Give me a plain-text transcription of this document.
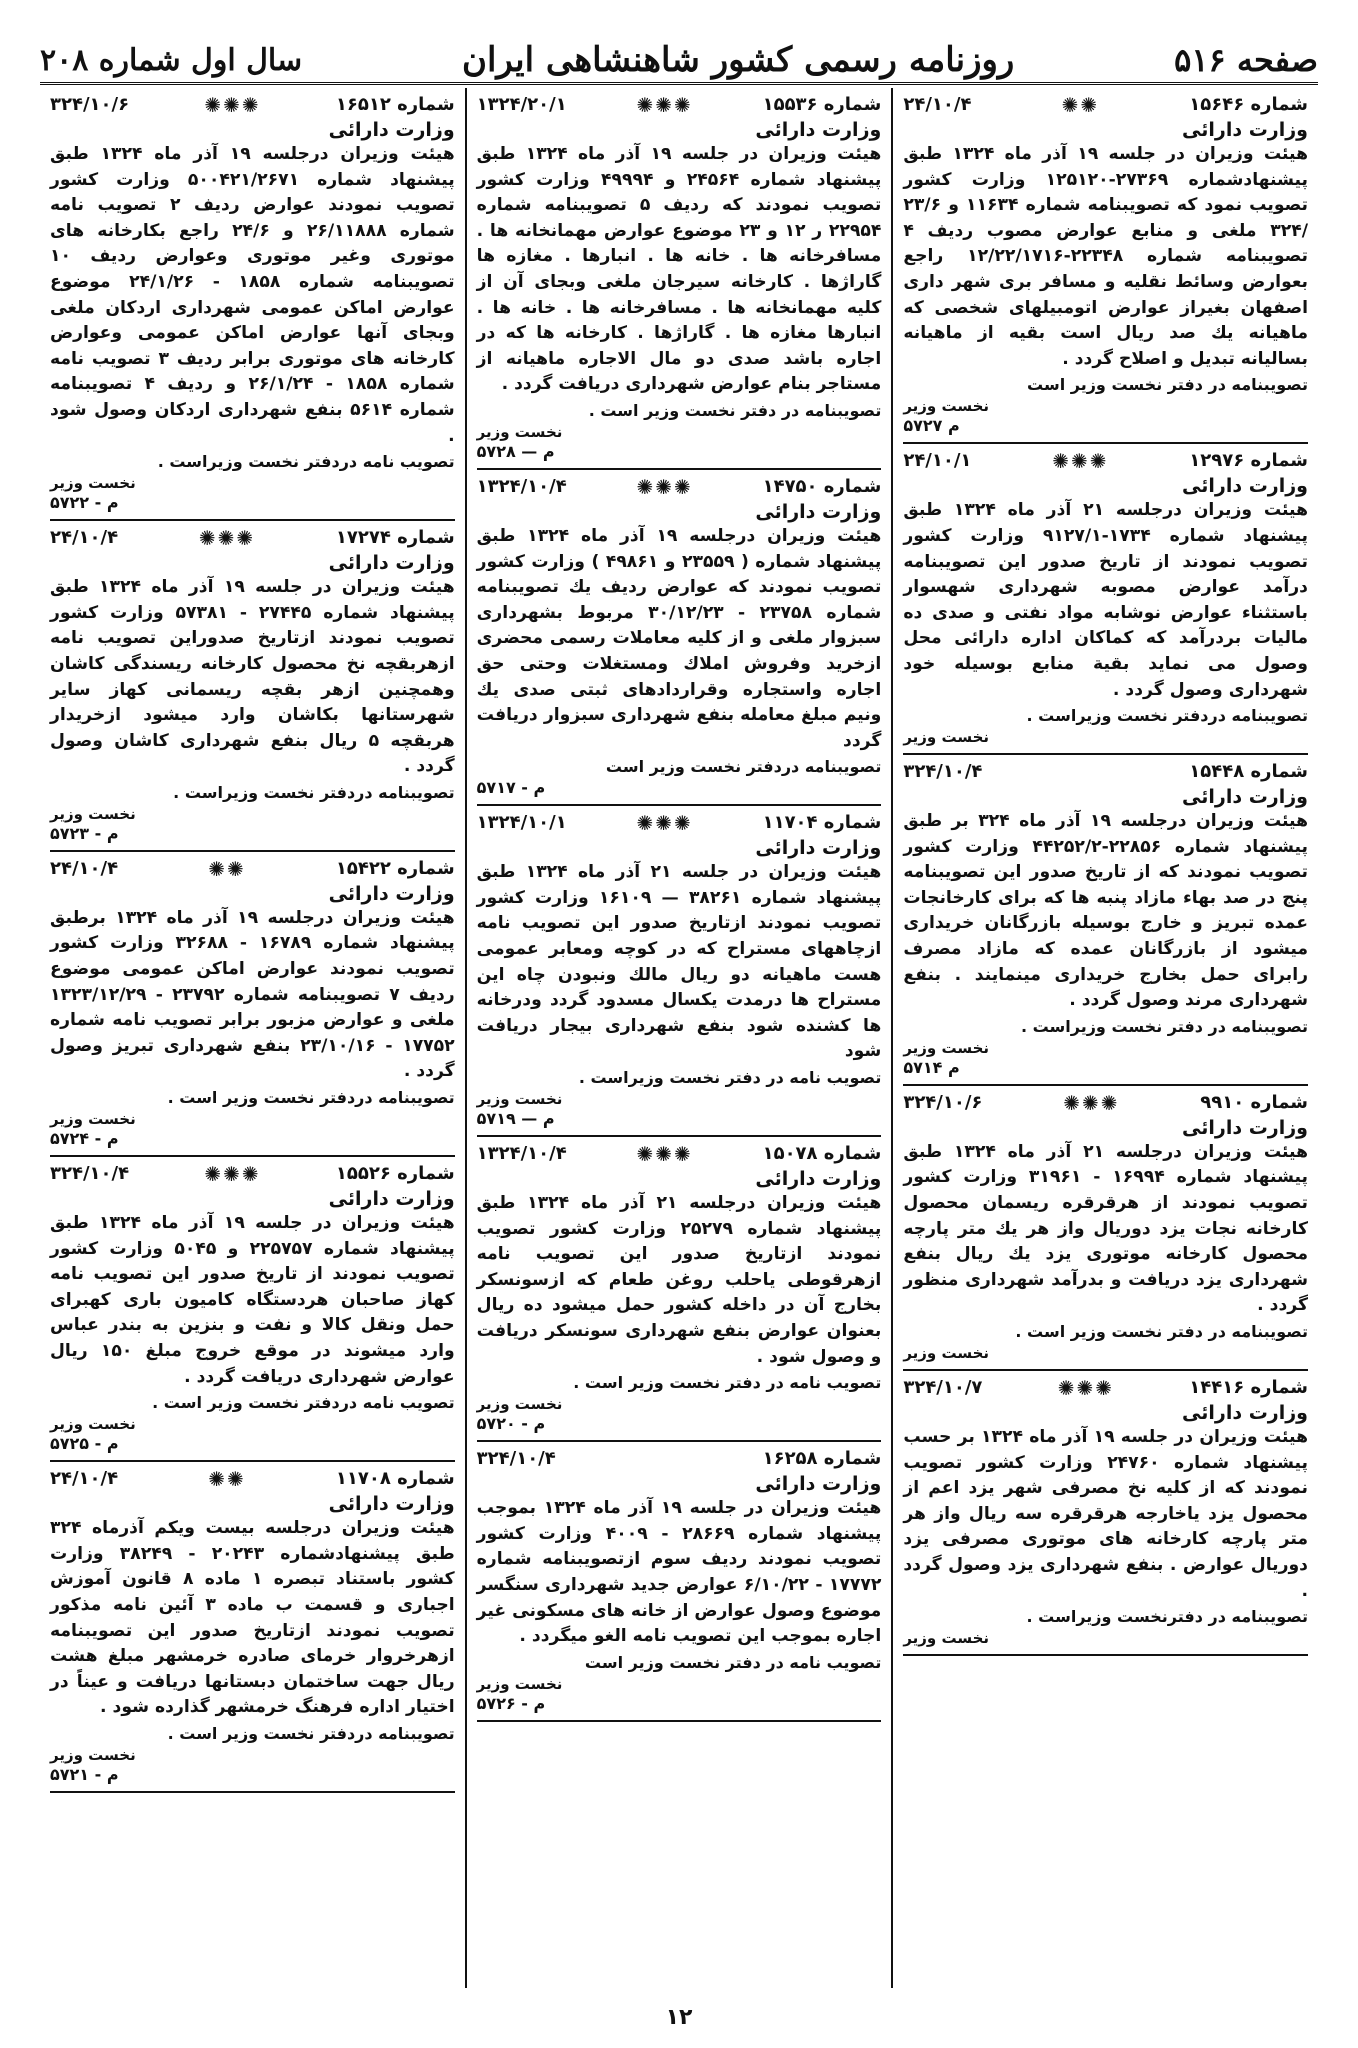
صفحه ۵۱۶
روزنامه رسمی کشور شاهنشاهی ایران
سال اول شماره ۲۰۸
شماره ۱۵۶۴۶
✺✺
۲۴/۱۰/۴
وزارت دارائی
هیئت وزیران در جلسه ۱۹ آذر ماه ۱۳۲۴ طبق پیشنهادشماره ۲۷۳۶۹-۱۲۵۱۲۰ وزارت کشور تصویب نمود که تصویبنامه شماره ۱۱۶۳۴ و ۲۳/۶ /۳۲۴ ملغی و منابع عوارض مصوب ردیف ۴ تصویبنامه شماره ۲۲۳۴۸-۱۲/۲۲/۱۷۱۶ راجع بعوارض وسائط نقلیه و مسافر بری شهر داری اصفهان بغیراز عوارض اتومبیلهای شخصی که ماهیانه یك صد ریال است بقیه از ماهیانه بسالیانه تبدیل و اصلاح گردد .
تصویبنامه در دفتر نخست وزیر است
نخست وزیر
م ۵۷۲۷
شماره ۱۲۹۷۶
✺✺✺
۲۴/۱۰/۱
وزارت دارائی
هیئت وزیران درجلسه ۲۱ آذر ماه ۱۳۲۴ طبق پیشنهاد شماره ۱۷۳۴-۹۱۲۷/۱ وزارت کشور تصویب نمودند از تاریخ صدور این تصویبنامه درآمد عوارض مصوبه شهرداری شهسوار باستثناء عوارض نوشابه مواد نفتی و صدی ده مالیات بردرآمد که کماکان اداره دارائی محل وصول می نماید بقیة منابع بوسیله خود شهرداری وصول گردد .
تصویبنامه دردفتر نخست وزیراست .
نخست وزیر
شماره ۱۵۴۴۸
۳۲۴/۱۰/۴
وزارت دارائی
هیئت وزیران درجلسه ۱۹ آذر ماه ۳۲۴ بر طبق پیشنهاد شماره ۲۲۸۵۶-۴۴۲۵۲/۲ وزارت کشور تصویب نمودند که از تاریخ صدور این تصویبنامه پنج در صد بهاء مازاد پنبه ها که برای کارخانجات عمده تبریز و خارج بوسیله بازرگانان خریداری میشود از بازرگانان عمده که مازاد مصرف رابرای حمل بخارج خریداری مینمایند . بنفع شهرداری مرند وصول گردد .
تصویبنامه در دفتر نخست وزیراست .
نخست وزیر
م ۵۷۱۴
شماره ۹۹۱۰
✺✺✺
۳۲۴/۱۰/۶
وزارت دارائی
هیئت وزیران درجلسه ۲۱ آذر ماه ۱۳۲۴ طبق پیشنهاد شماره ۱۶۹۹۴ - ۳۱۹۶۱ وزارت کشور تصویب نمودند از هرقرقره ریسمان محصول کارخانه نجات یزد دوریال واز هر یك متر پارچه محصول کارخانه موتوری یزد یك ریال بنفع شهرداری یزد دریافت و بدرآمد شهرداری منظور گردد .
تصویبنامه در دفتر نخست وزیر است .
نخست وزیر
شماره ۱۴۴۱۶
✺✺✺
۳۲۴/۱۰/۷
وزارت دارائی
هیئت وزیران در جلسه ۱۹ آذر ماه ۱۳۲۴ بر حسب پیشنهاد شماره ۲۴۷۶۰ وزارت کشور تصویب نمودند که از کلیه نخ مصرفی شهر یزد اعم از محصول یزد یاخارجه هرقرقره سه ریال واز هر متر پارچه کارخانه های موتوری مصرفی یزد دوریال عوارض . بنفع شهرداری یزد وصول گردد .
تصویبنامه در دفترنخست وزیراست .
نخست وزیر
شماره ۱۵۵۳۶
✺✺✺
۱۳۲۴/۲۰/۱
وزارت دارائی
هیئت وزیران در جلسه ۱۹ آذر ماه ۱۳۲۴ طبق پیشنهاد شماره ۲۴۵۶۴ و ۴۹۹۹۴ وزارت کشور تصویب نمودند که ردیف ۵ تصویبنامه شماره ۲۲۹۵۴ ر ۱۲ و ۲۳ موضوع عوارض مهمانخانه ها . مسافرخانه ها . خانه ها . انبارها . مغازه ها گاراژها . کارخانه سیرجان ملغی وبجای آن از کلیه مهمانخانه ها . مسافرخانه ها . خانه ها . انبارها مغازه ها . گاراژها . کارخانه ها که در اجاره باشد صدی دو مال الاجاره ماهیانه از مستاجر بنام عوارض شهرداری دریافت گردد .
تصویبنامه در دفتر نخست وزیر است .
نخست وزیر
م — ۵۷۲۸
شماره ۱۴۷۵۰
✺✺✺
۱۳۲۴/۱۰/۴
وزارت دارائی
هیئت وزیران درجلسه ۱۹ آذر ماه ۱۳۲۴ طبق پیشنهاد شماره ( ۲۳۵۵۹ و ۴۹۸۶۱ ) وزارت کشور تصویب نمودند که عوارض ردیف یك تصویبنامه شماره ۲۳۷۵۸ - ۳۰/۱۲/۲۳ مربوط بشهرداری سبزوار ملغی و از کلیه معاملات رسمی محضری ازخرید وفروش املاك ومستغلات وحتی حق اجاره واستجاره وقراردادهای ثبتی صدی یك ونیم مبلغ معامله بنفع شهرداری سبزوار دریافت گردد
تصویبنامه دردفتر نخست وزیر است
م - ۵۷۱۷
شماره ۱۱۷۰۴
✺✺✺
۱۳۲۴/۱۰/۱
وزارت دارائی
هیئت وزیران در جلسه ۲۱ آذر ماه ۱۳۲۴ طبق پیشنهاد شماره ۳۸۲۶۱ — ۱۶۱۰۹ وزارت کشور تصویب نمودند ازتاریخ صدور این تصویب نامه ازچاههای مستراح که در کوچه ومعابر عمومی هست ماهیانه دو ریال مالك ونبودن چاه این مستراح ها درمدت یکسال مسدود گردد ودرخانه ها کشنده شود بنفع شهرداری بیجار دریافت شود
تصویب نامه در دفتر نخست وزیراست .
نخست وزیر
م — ۵۷۱۹
شماره ۱۵۰۷۸
✺✺✺
۱۳۲۴/۱۰/۴
وزارت دارائی
هیئت وزیران درجلسه ۲۱ آذر ماه ۱۳۲۴ طبق پیشنهاد شماره ۲۵۲۷۹ وزارت کشور تصویب نمودند ازتاریخ صدور این تصویب نامه ازهرقوطی یاحلب روغن طعام که ازسونسکر بخارج آن در داخله کشور حمل میشود ده ریال بعنوان عوارض بنفع شهرداری سونسکر دریافت و وصول شود .
تصویب نامه در دفتر نخست وزیر است .
نخست وزیر
م - ۵۷۲۰
شماره ۱۶۲۵۸
۳۲۴/۱۰/۴
وزارت دارائی
هیئت وزیران در جلسه ۱۹ آذر ماه ۱۳۲۴ بموجب پیشنهاد شماره ۲۸۶۶۹ - ۴۰۰۹ وزارت کشور تصویب نمودند ردیف سوم ازتصویبنامه شماره ۱۷۷۷۲ - ۶/۱۰/۲۲ عوارض جدید شهرداری سنگسر موضوع وصول عوارض از خانه های مسکونی غیر اجاره بموجب این تصویب نامه الغو میگردد .
تصویب نامه در دفتر نخست وزیر است
نخست وزیر
م - ۵۷۲۶
شماره ۱۶۵۱۲
✺✺✺
۳۲۴/۱۰/۶
وزارت دارائی
هیئت وزیران درجلسه ۱۹ آذر ماه ۱۳۲۴ طبق پیشنهاد شماره ۵۰۰۴۲۱/۲۶۷۱ وزارت کشور تصویب نمودند عوارض ردیف ۲ تصویب نامه شماره ۲۶/۱۱۸۸۸ و ۲۴/۶ راجع بکارخانه های موتوری وغیر موتوری وعوارض ردیف ۱۰ تصویبنامه شماره ۱۸۵۸ - ۲۴/۱/۲۶ موضوع عوارض اماکن عمومی شهرداری اردکان ملغی وبجای آنها عوارض اماکن عمومی وعوارض کارخانه های موتوری برابر ردیف ۳ تصویب نامه شماره ۱۸۵۸ - ۲۶/۱/۲۴ و ردیف ۴ تصویبنامه شماره ۵۶۱۴ بنفع شهرداری اردکان وصول شود .
تصویب نامه دردفتر نخست وزیراست .
نخست وزیر
م - ۵۷۲۲
شماره ۱۷۲۷۴
✺✺✺
۲۴/۱۰/۴
وزارت دارائی
هیئت وزیران در جلسه ۱۹ آذر ماه ۱۳۲۴ طبق پیشنهاد شماره ۲۷۴۴۵ - ۵۷۳۸۱ وزارت کشور تصویب نمودند ازتاریخ صدوراین تصویب نامه ازهربقچه نخ محصول کارخانه ریسندگی کاشان وهمچنین ازهر بقچه ریسمانی کهاز سایر شهرستانها بکاشان وارد میشود ازخریدار هربقچه ۵ ریال بنفع شهرداری کاشان وصول گردد .
تصویبنامه دردفتر نخست وزیراست .
نخست وزیر
م - ۵۷۲۳
شماره ۱۵۴۲۲
✺✺
۲۴/۱۰/۴
وزارت دارائی
هیئت وزیران درجلسه ۱۹ آذر ماه ۱۳۲۴ برطبق پیشنهاد شماره ۱۶۷۸۹ - ۳۲۶۸۸ وزارت کشور تصویب نمودند عوارض اماکن عمومی موضوع ردیف ۷ تصویبنامه شماره ۲۳۷۹۲ - ۱۳۲۳/۱۲/۲۹ ملغی و عوارض مزبور برابر تصویب نامه شماره ۱۷۷۵۲ - ۲۳/۱۰/۱۶ بنفع شهرداری تبریز وصول گردد .
تصویبنامه دردفتر نخست وزیر است .
نخست وزیر
م - ۵۷۲۴
شماره ۱۵۵۲۶
✺✺✺
۳۲۴/۱۰/۴
وزارت دارائی
هیئت وزیران در جلسه ۱۹ آذر ماه ۱۳۲۴ طبق پیشنهاد شماره ۲۲۵۷۵۷ و ۵۰۴۵ وزارت کشور تصویب نمودند از تاریخ صدور این تصویب نامه کهاز صاحبان هردستگاه کامیون باری کهبرای حمل ونقل کالا و نفت و بنزین به بندر عباس وارد میشوند در موقع خروج مبلغ ۱۵۰ ریال عوارض شهرداری دریافت گردد .
تصویب نامه دردفتر نخست وزیر است .
نخست وزیر
م - ۵۷۲۵
شماره ۱۱۷۰۸
✺✺
۲۴/۱۰/۴
وزارت دارائی
هیئت وزیران درجلسه بیست ویکم آذرماه ۳۲۴ طبق پیشنهادشماره ۲۰۲۴۳ - ۳۸۲۴۹ وزارت کشور باستناد تبصره ۱ ماده ۸ قانون آموزش اجباری و قسمت ب ماده ۳ آئین نامه مذکور تصویب نمودند ازتاریخ صدور این تصویبنامه ازهرخروار خرمای صادره خرمشهر مبلغ هشت ریال جهت ساختمان دبستانها دریافت و عیناً در اختیار اداره فرهنگ خرمشهر گذارده شود .
تصویبنامه دردفتر نخست وزیر است .
نخست وزیر
م - ۵۷۲۱
۱۲
